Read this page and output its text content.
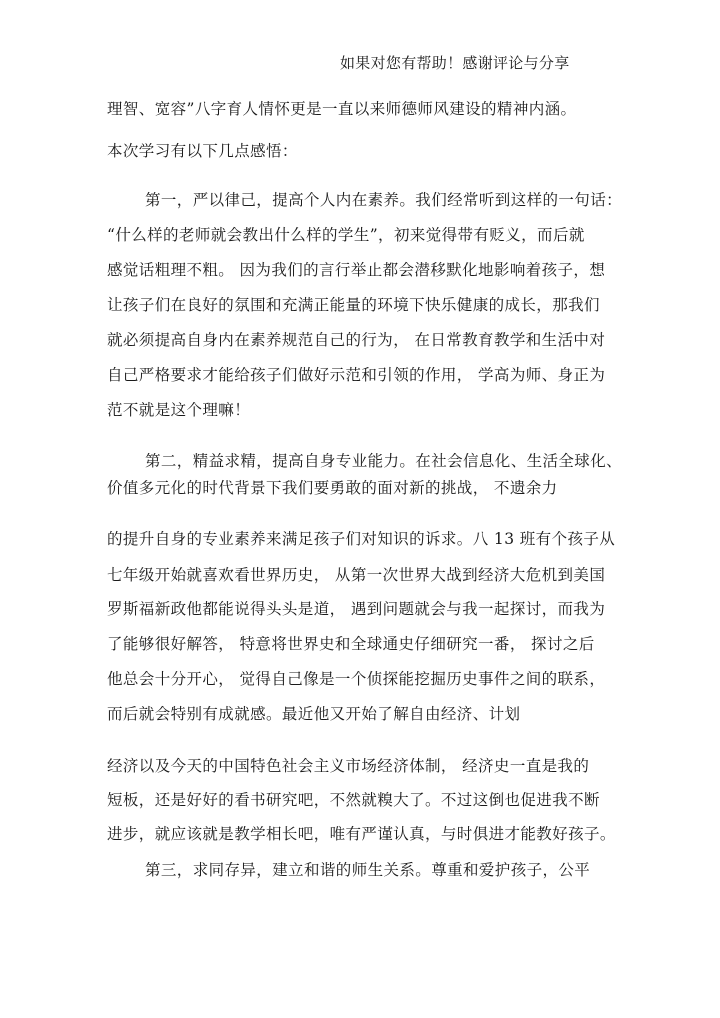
如果对您有帮助！感谢评论与分享
理智、宽容”八字育人情怀更是一直以来师德师风建设的精神内涵。
本次学习有以下几点感悟：
第一，严以律己，提高个人内在素养。我们经常听到这样的一句话：
“什么样的老师就会教出什么样的学生”，初来觉得带有贬义，而后就
感觉话粗理不粗。 因为我们的言行举止都会潜移默化地影响着孩子，想
让孩子们在良好的氛围和充满正能量的环境下快乐健康的成长，那我们
就必须提高自身内在素养规范自己的行为， 在日常教育教学和生活中对
自己严格要求才能给孩子们做好示范和引领的作用， 学高为师、身正为
范不就是这个理嘛！
第二，精益求精，提高自身专业能力。在社会信息化、生活全球化、
价值多元化的时代背景下我们要勇敢的面对新的挑战， 不遗余力
的提升自身的专业素养来满足孩子们对知识的诉求。八 13 班有个孩子从
七年级开始就喜欢看世界历史， 从第一次世界大战到经济大危机到美国
罗斯福新政他都能说得头头是道， 遇到问题就会与我一起探讨，而我为
了能够很好解答， 特意将世界史和全球通史仔细研究一番， 探讨之后
他总会十分开心， 觉得自己像是一个侦探能挖掘历史事件之间的联系，
而后就会特别有成就感。最近他又开始了解自由经济、计划
经济以及今天的中国特色社会主义市场经济体制， 经济史一直是我的
短板，还是好好的看书研究吧，不然就糗大了。不过这倒也促进我不断
进步，就应该就是教学相长吧，唯有严谨认真，与时俱进才能教好孩子。
第三，求同存异，建立和谐的师生关系。尊重和爱护孩子，公平
